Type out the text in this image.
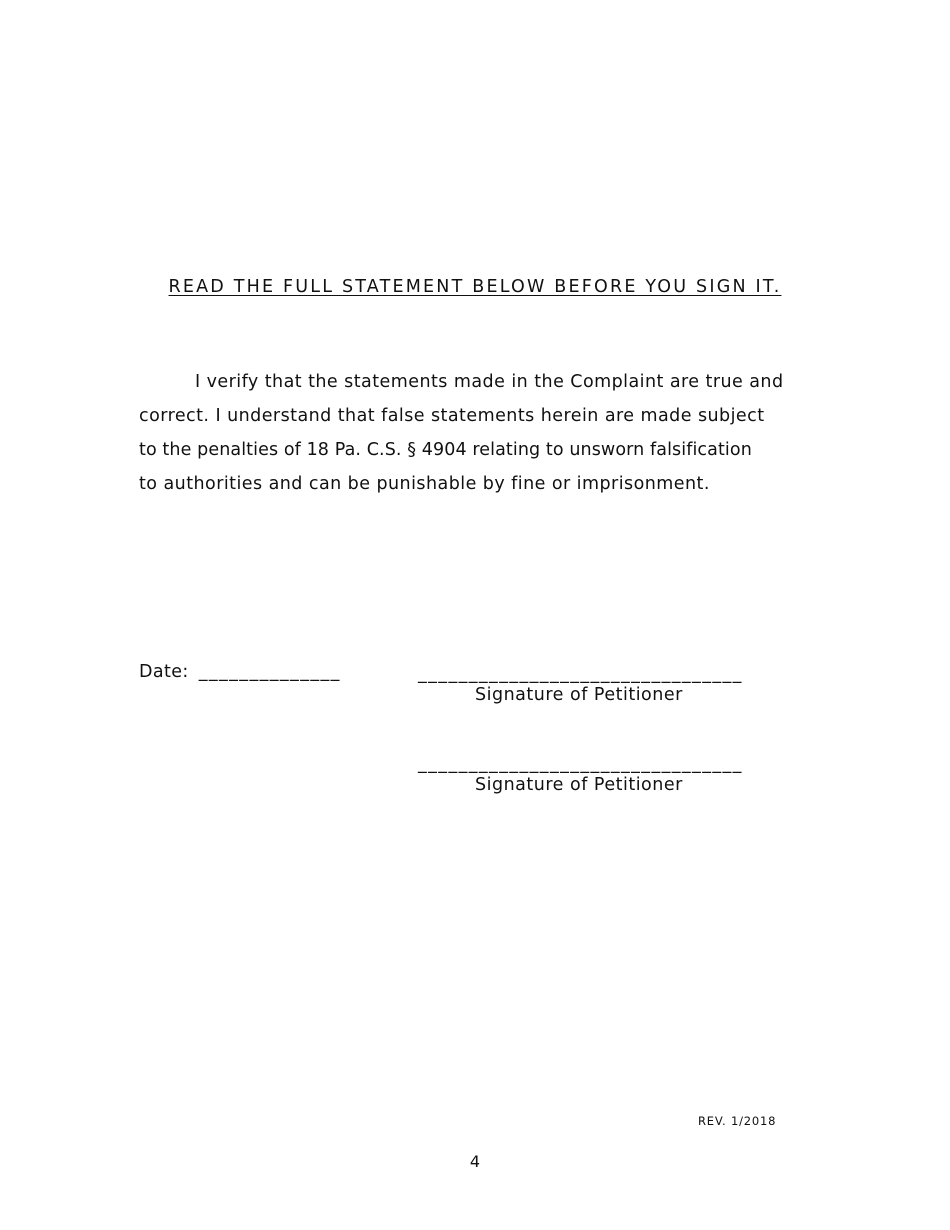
READ THE FULL STATEMENT BELOW BEFORE YOU SIGN IT.

I verify that the statements made in the Complaint are true and
correct. I understand that false statements herein are made subject
to the penalties of 18 Pa. C.S. § 4904 relating to unsworn falsification
to authorities and can be punishable by fine or imprisonment.

Date: ______________	________________________________
Signature of Petitioner
________________________________
Signature of Petitioner
REV. 1/2018
4
